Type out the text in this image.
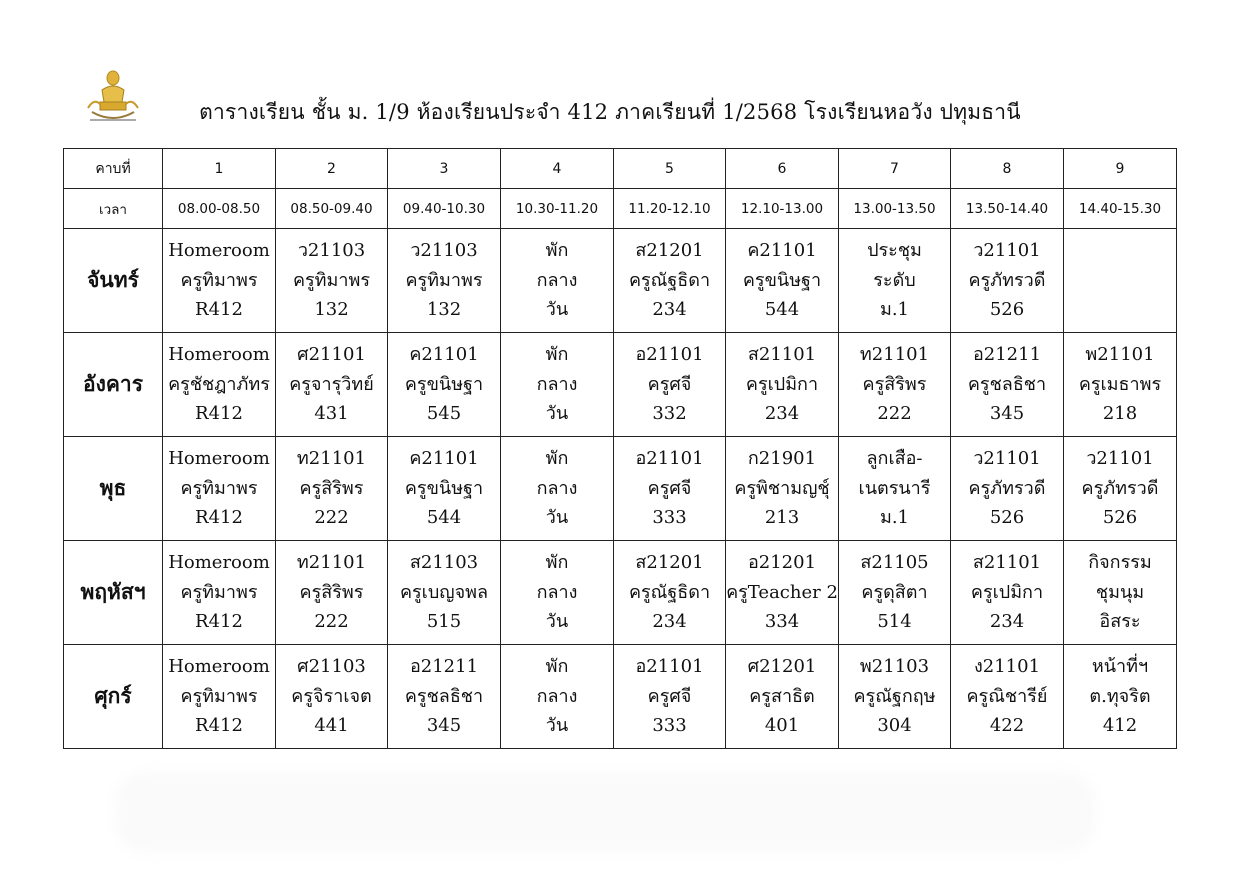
ตารางเรียน ชั้น ม. 1/9 ห้องเรียนประจำ 412 ภาคเรียนที่ 1/2568 โรงเรียนหอวัง ปทุมธานี
คาบที่	1	2	3	4	5	6	7	8	9
เวลา	08.00-08.50	08.50-09.40	09.40-10.30	10.30-11.20	11.20-12.10	12.10-13.00	13.00-13.50	13.50-14.40	14.40-15.30
จันทร์	Homeroom
ครูทิมาพร
R412	ว21103
ครูทิมาพร
132	ว21103
ครูทิมาพร
132	พัก
กลาง
วัน	ส21201
ครูณัฐธิดา
234	ค21101
ครูขนิษฐา
544	ประชุม
ระดับ
ม.1	ว21101
ครูภัทรวดี
526	

อังคาร	Homeroom
ครูชัชฎาภัทร
R412	ศ21101
ครูจารุวิทย์
431	ค21101
ครูขนิษฐา
545	พัก
กลาง
วัน	อ21101
ครูศจี
332	ส21101
ครูเปมิกา
234	ท21101
ครูสิริพร
222	อ21211
ครูชลธิชา
345	พ21101
ครูเมธาพร
218

พุธ	Homeroom
ครูทิมาพร
R412	ท21101
ครูสิริพร
222	ค21101
ครูขนิษฐา
544	พัก
กลาง
วัน	อ21101
ครูศจี
333	ก21901
ครูพิชามญชุ์
213	ลูกเสือ-
เนตรนารี
ม.1	ว21101
ครูภัทรวดี
526	ว21101
ครูภัทรวดี
526

พฤหัสฯ	Homeroom
ครูทิมาพร
R412	ท21101
ครูสิริพร
222	ส21103
ครูเบญจพล
515	พัก
กลาง
วัน	ส21201
ครูณัฐธิดา
234	อ21201
ครูTeacher 2
334	ส21105
ครูดุสิตา
514	ส21101
ครูเปมิกา
234	กิจกรรม
ชุมนุม
อิสระ

ศุกร์	Homeroom
ครูทิมาพร
R412	ศ21103
ครูจิราเจต
441	อ21211
ครูชลธิชา
345	พัก
กลาง
วัน	อ21101
ครูศจี
333	ศ21201
ครูสาธิต
401	พ21103
ครูณัฐกฤษ
304	ง21101
ครูณิชารีย์
422	หน้าที่ฯ
ต.ทุจริต
412
